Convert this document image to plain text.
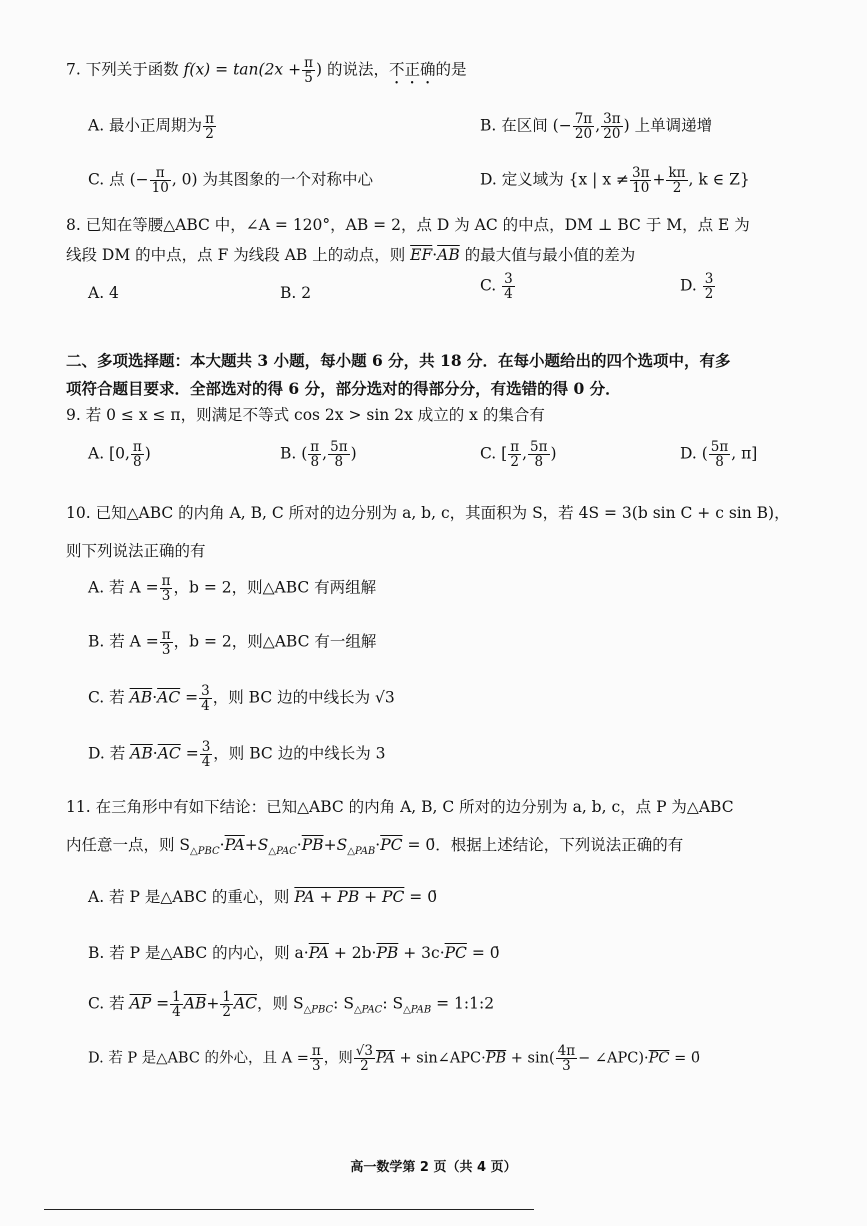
7. 下列关于函数 $f(x) = \tan(2x + \frac{\pi}{5}$ ) 的说法，不正确的是
A. 最小正周期为 $\frac{\pi}{2}$	B. 在区间 (− $\frac{7\pi}{20}$ , $\frac{3\pi}{20}$ ) 上单调递增
C. 点 (− $\frac{\pi}{10}$ , 0) 为其图象的一个对称中心	D. 定义域为 {x | $x \ne \frac{3\pi}{10} + \frac{k\pi}{2}$ , k ∈ Z}
8. 已知在等腰△ABC 中，∠A = 120°，AB = 2，点 D 为 AC 的中点，DM ⊥ BC 于 M，点 E 为
线段 DM 的中点，点 F 为线段 AB 上的动点，则 $\overline{EF}\cdot\overline{AB}$ 的最大值与最小值的差为
A. 4	B. 2	C. $\frac{3}{4}$	D. $\frac{3}{2}$
二、多项选择题：本大题共 3 小题，每小题 6 分，共 18 分．在每小题给出的四个选项中，有多
项符合题目要求．全部选对的得 6 分，部分选对的得部分分，有选错的得 0 分．
9. 若 0 ≤ x ≤ π，则满足不等式 cos 2x > sin 2x 成立的 x 的集合有
A. [0, $\frac{\pi}{8}$ )	B. ( $\frac{\pi}{8}$ , $\frac{5\pi}{8}$ )	C. [ $\frac{\pi}{2}$ , $\frac{5\pi}{8}$ )	D. ( $\frac{5\pi}{8}$ , π]
10. 已知△ABC 的内角 A, B, C 所对的边分别为 a, b, c，其面积为 S，若 4S = 3(b sin C + c sin B)，
则下列说法正确的有
A. 若 $A = \frac{\pi}{3}$ ，b = 2，则△ABC 有两组解
B. 若 $A = \frac{\pi}{3}$ ，b = 2，则△ABC 有一组解
C. 若 $\overline{AB}\cdot\overline{AC} = \frac{3}{4}$ ，则 BC 边的中线长为 √3
D. 若 $\overline{AB}\cdot\overline{AC} = \frac{3}{4}$ ，则 BC 边的中线长为 3
11. 在三角形中有如下结论：已知△ABC 的内角 A, B, C 所对的边分别为 a, b, c，点 P 为△ABC
内任意一点，则 $S_{\triangle PBC}\cdot\overline{PA}+S_{\triangle PAC}\cdot\overline{PB}+S_{\triangle PAB}\cdot\overline{PC}$ = 0̄．根据上述结论，下列说法正确的有
A. 若 P 是△ABC 的重心，则 PA + PB + PC = 0̄
B. 若 P 是△ABC 的内心，则 $a\cdot\overline{PA} + 2b\cdot\overline{PB} + 3c\cdot\overline{PC}$ = 0̄
C. 若 $\overline{AP} = \frac{1}{4} \overline{AB}+ \frac{1}{2} \overline{AC}$，则 $S_{\triangle PBC}$: $S_{\triangle PAC}$: $S_{\triangle PAB}$ = 1:1:2
D. 若 P 是△ABC 的外心，且 $A = \frac{\pi}{3}$ ，则 $\frac{√3}{2} \overline{PA}$ + $\sin\angle APC\cdot\overline{PB} + \sin( \frac{4\pi}{3}$ − $\angle APC)\cdot\overline{PC}$ = 0̄
高一数学第 2 页（共 4 页）
